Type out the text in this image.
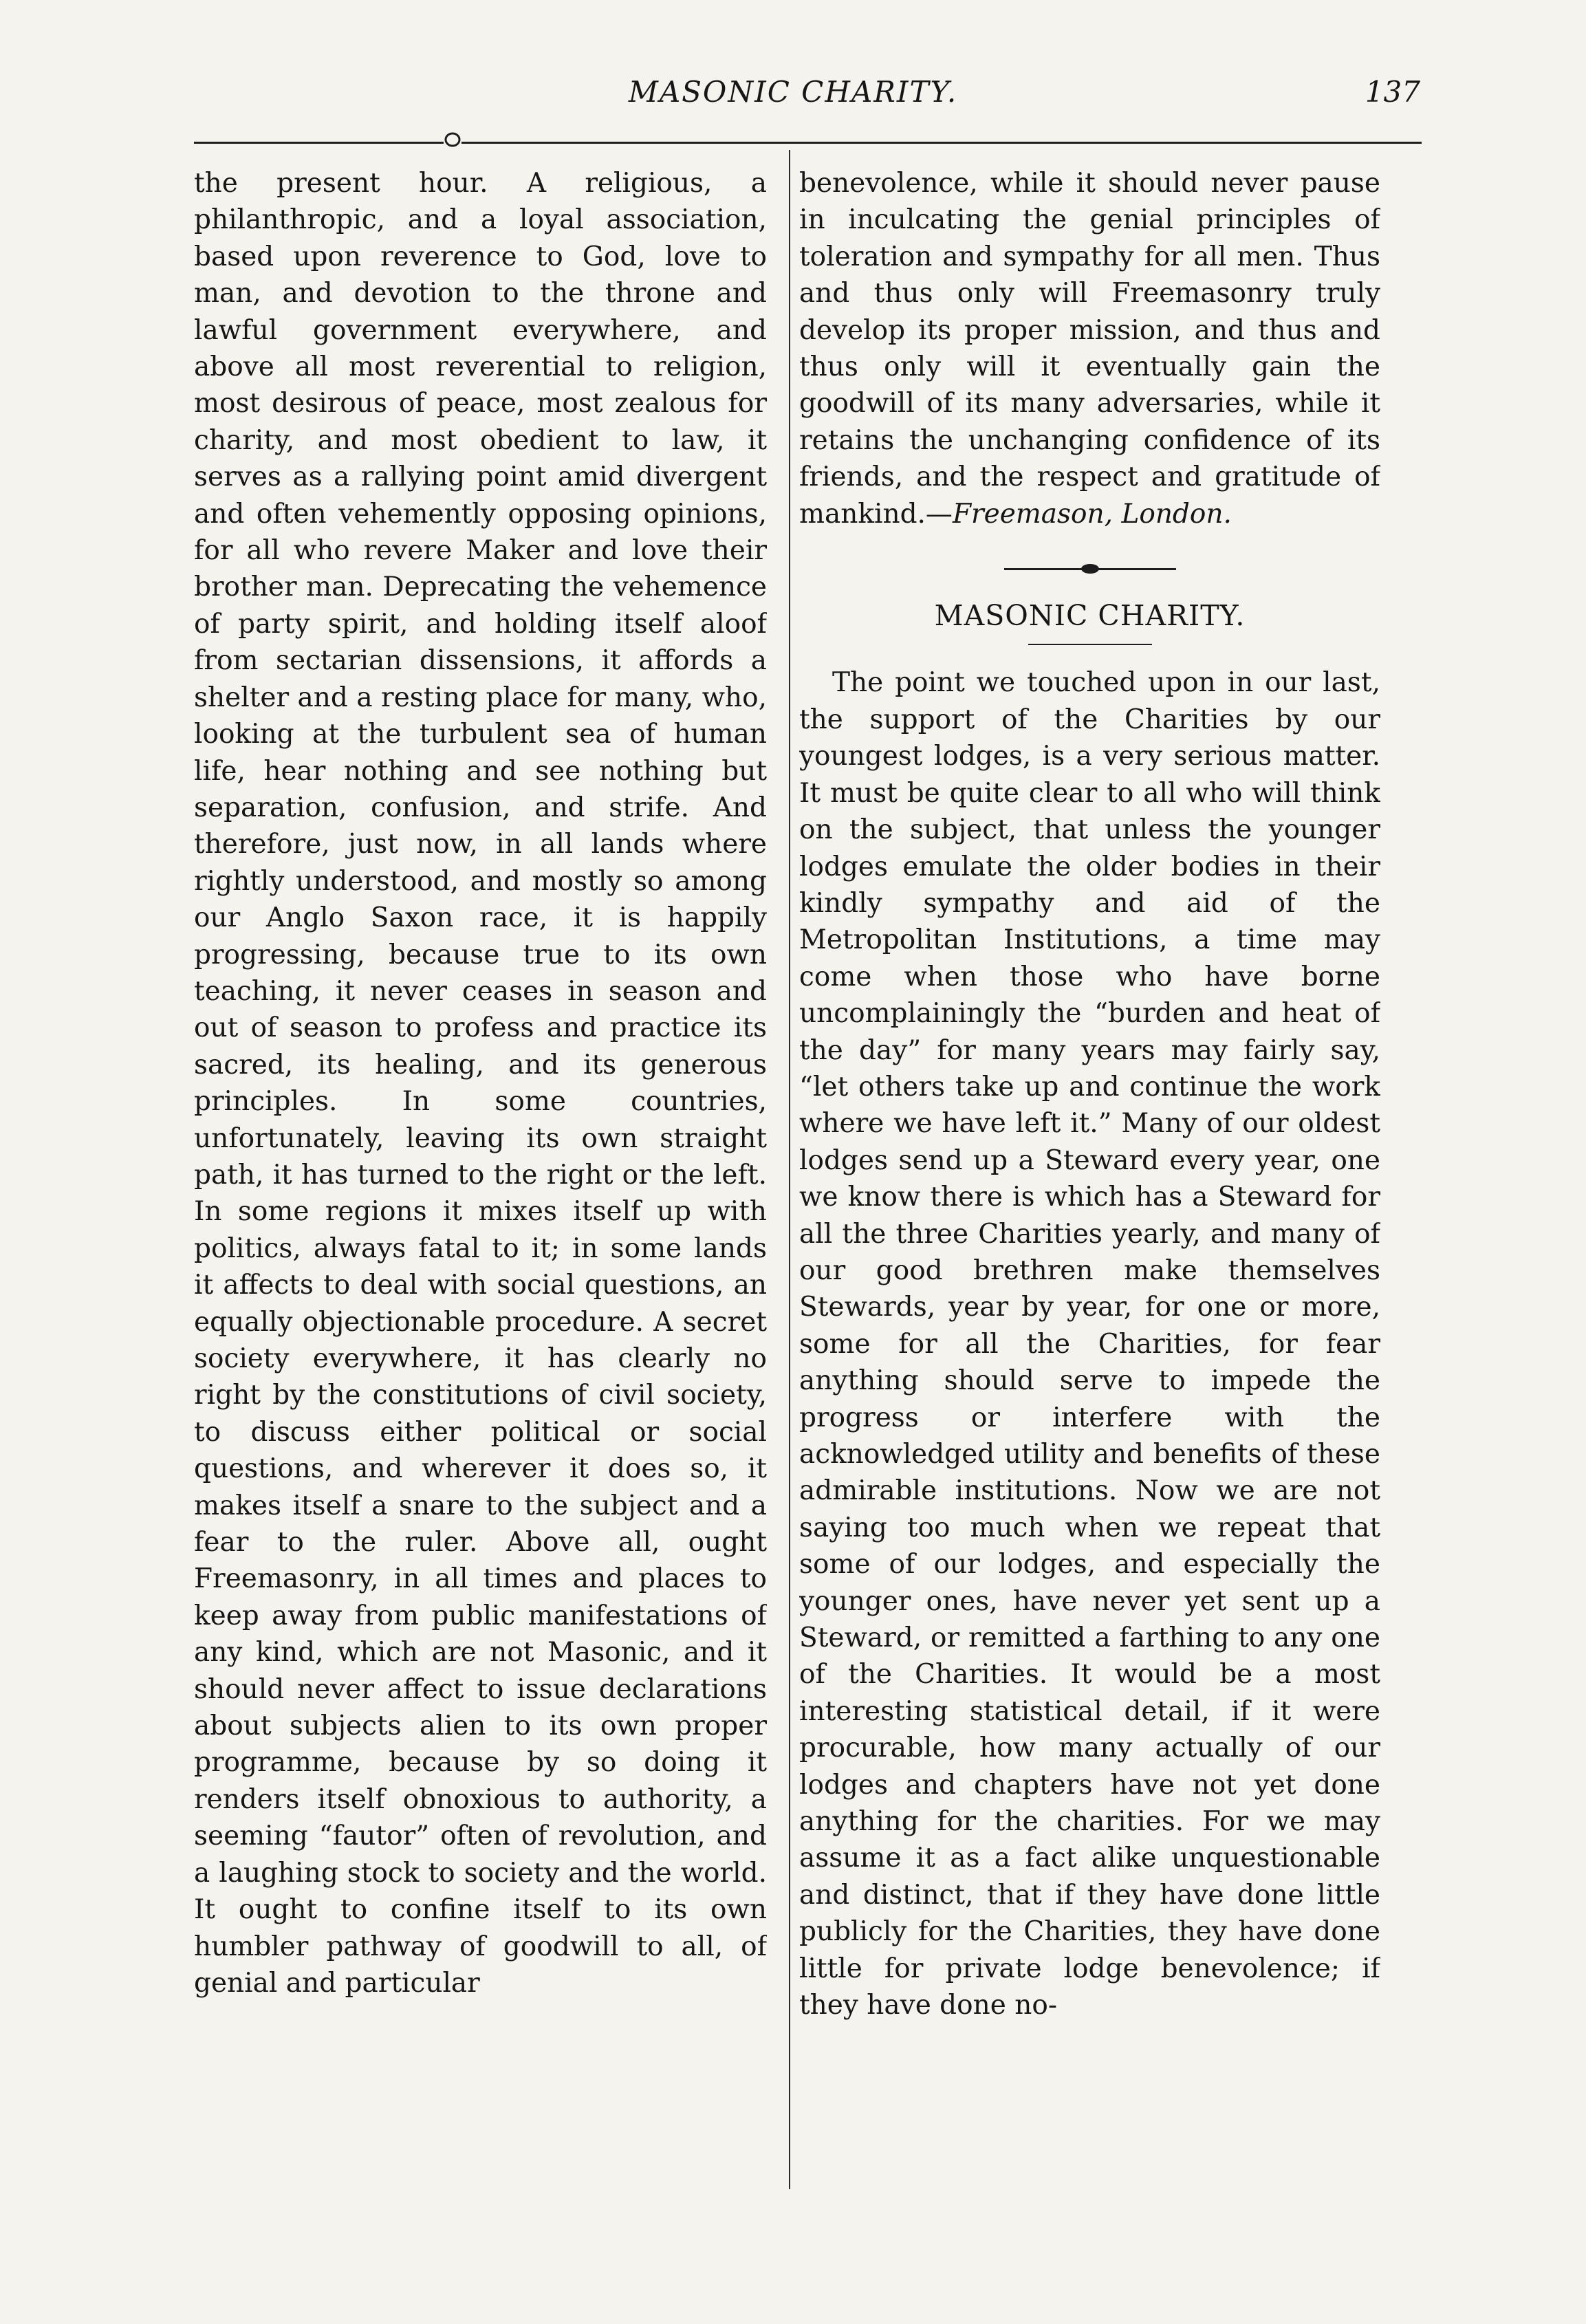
MASONIC CHARITY.	137

the present hour. A religious, a philanthropic, and a loyal association, based upon reverence to God, love to man, and devotion to the throne and lawful government everywhere, and above all most reverential to religion, most desirous of peace, most zealous for charity, and most obedient to law, it serves as a rallying point amid divergent and often vehemently opposing opinions, for all who revere Maker and love their brother man. Deprecating the vehemence of party spirit, and holding itself aloof from sectarian dissensions, it affords a shelter and a resting place for many, who, looking at the turbulent sea of human life, hear nothing and see nothing but separation, confusion, and strife. And therefore, just now, in all lands where rightly understood, and mostly so among our Anglo Saxon race, it is happily progressing, because true to its own teaching, it never ceases in season and out of season to profess and practice its sacred, its healing, and its generous principles. In some countries, unfortunately, leaving its own straight path, it has turned to the right or the left. In some regions it mixes itself up with politics, always fatal to it; in some lands it affects to deal with social questions, an equally objectionable procedure. A secret society everywhere, it has clearly no right by the constitutions of civil society, to discuss either political or social questions, and wherever it does so, it makes itself a snare to the subject and a fear to the ruler. Above all, ought Freemasonry, in all times and places to keep away from public manifestations of any kind, which are not Masonic, and it should never affect to issue declarations about subjects alien to its own proper programme, because by so doing it renders itself obnoxious to authority, a seeming “fautor” often of revolution, and a laughing stock to society and the world. It ought to confine itself to its own humbler pathway of goodwill to all, of genial and particular

benevolence, while it should never pause in inculcating the genial principles of toleration and sympathy for all men. Thus and thus only will Freemasonry truly develop its proper mission, and thus and thus only will it eventually gain the goodwill of its many adversaries, while it retains the unchanging confidence of its friends, and the respect and gratitude of mankind.—Freemason, London.

MASONIC CHARITY.

The point we touched upon in our last, the support of the Charities by our youngest lodges, is a very serious matter. It must be quite clear to all who will think on the subject, that unless the younger lodges emulate the older bodies in their kindly sympathy and aid of the Metropolitan Institutions, a time may come when those who have borne uncomplainingly the “burden and heat of the day” for many years may fairly say, “let others take up and continue the work where we have left it.” Many of our oldest lodges send up a Steward every year, one we know there is which has a Steward for all the three Charities yearly, and many of our good brethren make themselves Stewards, year by year, for one or more, some for all the Charities, for fear anything should serve to impede the progress or interfere with the acknowledged utility and benefits of these admirable institutions. Now we are not saying too much when we repeat that some of our lodges, and especially the younger ones, have never yet sent up a Steward, or remitted a farthing to any one of the Charities. It would be a most interesting statistical detail, if it were procurable, how many actually of our lodges and chapters have not yet done anything for the charities. For we may assume it as a fact alike unquestionable and distinct, that if they have done little publicly for the Charities, they have done little for private lodge benevolence; if they have done no-
